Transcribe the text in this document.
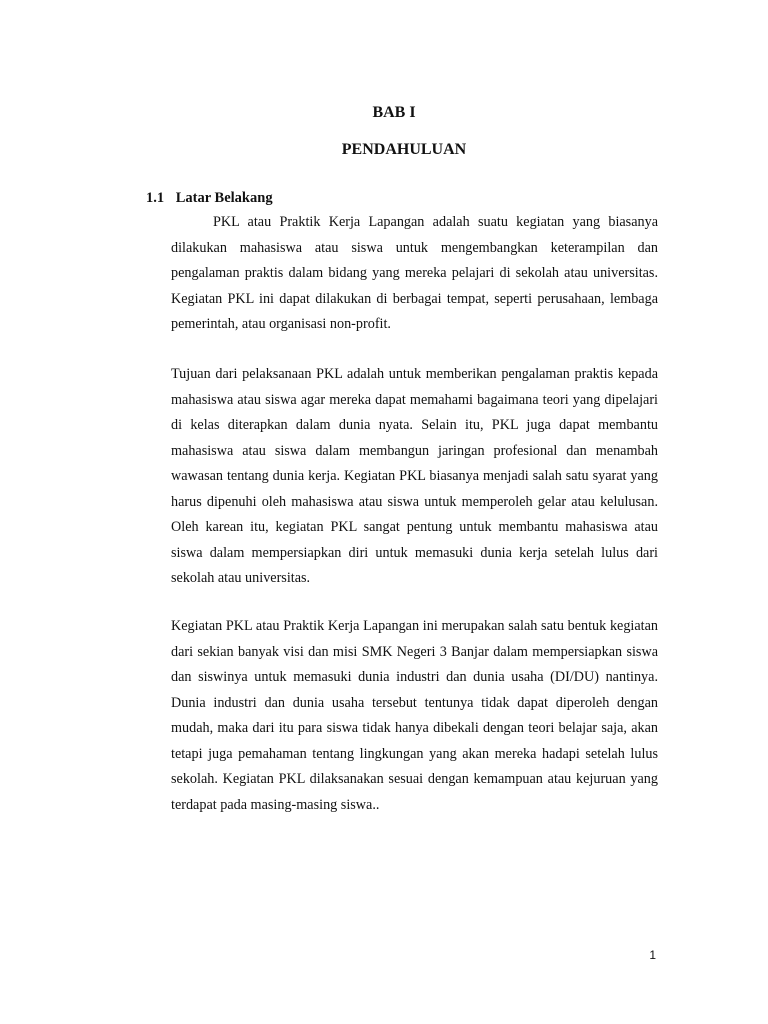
BAB I
PENDAHULUAN
1.1 Latar Belakang

PKL atau Praktik Kerja Lapangan adalah suatu kegiatan yang biasanya dilakukan mahasiswa atau siswa untuk mengembangkan keterampilan dan pengalaman praktis dalam bidang yang mereka pelajari di sekolah atau universitas. Kegiatan PKL ini dapat dilakukan di berbagai tempat, seperti perusahaan, lembaga pemerintah, atau organisasi non-profit.

Tujuan dari pelaksanaan PKL adalah untuk memberikan pengalaman praktis kepada mahasiswa atau siswa agar mereka dapat memahami bagaimana teori yang dipelajari di kelas diterapkan dalam dunia nyata. Selain itu, PKL juga dapat membantu mahasiswa atau siswa dalam membangun jaringan profesional dan menambah wawasan tentang dunia kerja. Kegiatan PKL biasanya menjadi salah satu syarat yang harus dipenuhi oleh mahasiswa atau siswa untuk memperoleh gelar atau kelulusan. Oleh karean itu, kegiatan PKL sangat pentung untuk membantu mahasiswa atau siswa dalam mempersiapkan diri untuk memasuki dunia kerja setelah lulus dari sekolah atau universitas.

Kegiatan PKL atau Praktik Kerja Lapangan ini merupakan salah satu bentuk kegiatan dari sekian banyak visi dan misi SMK Negeri 3 Banjar dalam mempersiapkan siswa dan siswinya untuk memasuki dunia industri dan dunia usaha (DI/DU) nantinya. Dunia industri dan dunia usaha tersebut tentunya tidak dapat diperoleh dengan mudah, maka dari itu para siswa tidak hanya dibekali dengan teori belajar saja, akan tetapi juga pemahaman tentang lingkungan yang akan mereka hadapi setelah lulus sekolah. Kegiatan PKL dilaksanakan sesuai dengan kemampuan atau kejuruan yang terdapat pada masing-masing siswa..

1
